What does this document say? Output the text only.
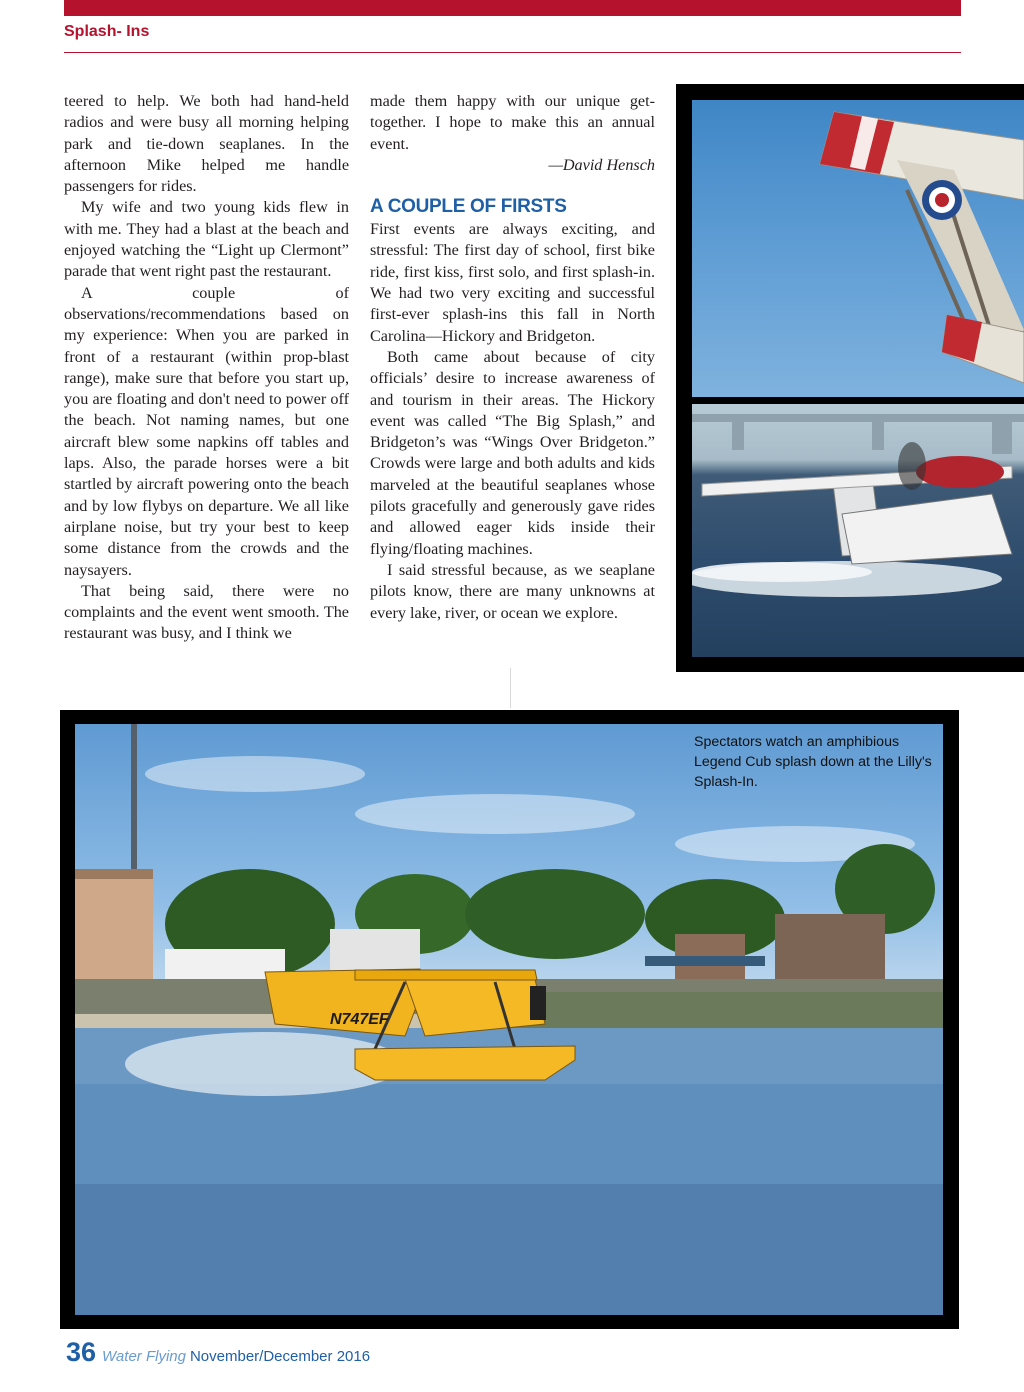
Splash- Ins

teered to help. We both had hand-held radios and were busy all morning helping park and tie-down seaplanes. In the afternoon Mike helped me handle passengers for rides.

My wife and two young kids flew in with me. They had a blast at the beach and enjoyed watching the “Light up Clermont” parade that went right past the restaurant.

A couple of observations/recommendations based on my experience: When you are parked in front of a restaurant (within prop-blast range), make sure that before you start up, you are floating and don't need to power off the beach. Not naming names, but one aircraft blew some napkins off tables and laps. Also, the parade horses were a bit startled by aircraft powering onto the beach and by low flybys on departure. We all like airplane noise, but try your best to keep some distance from the crowds and the naysayers.

That being said, there were no complaints and the event went smooth. The restaurant was busy, and I think we

made them happy with our unique get-together. I hope to make this an annual event.

—David Hensch

A COUPLE OF FIRSTS

First events are always exciting, and stressful: The first day of school, first bike ride, first kiss, first solo, and first splash-in. We had two very exciting and successful first-ever splash-ins this fall in North Carolina—Hickory and Bridgeton.

Both came about because of city officials’ desire to increase awareness of and tourism in their areas. The Hickory event was called “The Big Splash,” and Bridgeton’s was “Wings Over Bridgeton.” Crowds were large and both adults and kids marveled at the beautiful seaplanes whose pilots gracefully and generously gave rides and allowed eager kids inside their flying/floating machines.

I said stressful because, as we seaplane pilots know, there are many unknowns at every lake, river, or ocean we explore.

N747EF
Spectators watch an amphibious Legend Cub splash down at the Lilly's Splash-In.
36 Water Flying November/December 2016
